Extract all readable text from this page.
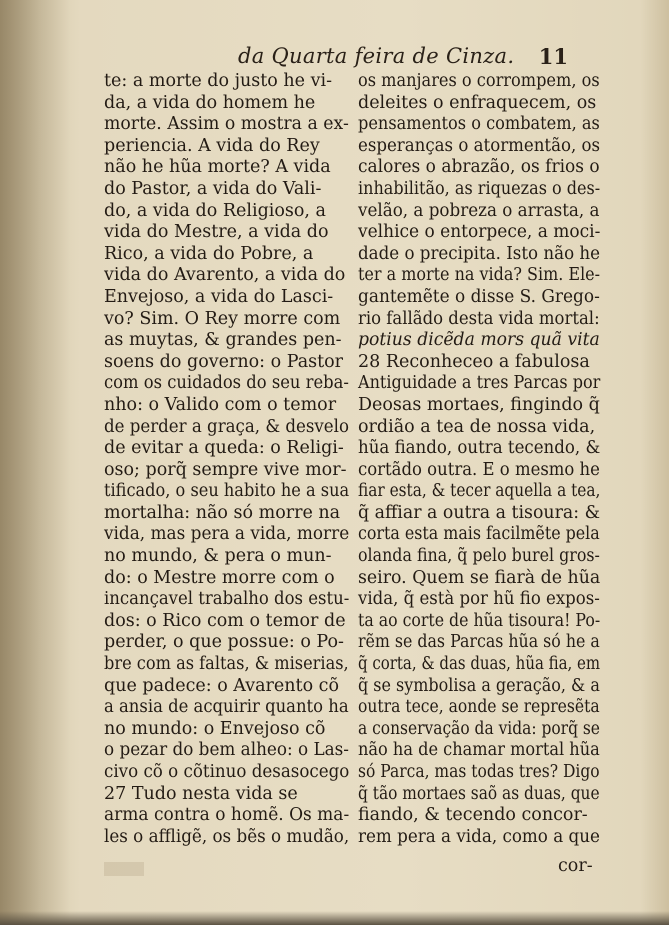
da Quarta feira de Cinza. 11
te: a morte do justo he vi-
da, a vida do homem he
morte. Assim o mostra a ex-
periencia. A vida do Rey
não he hũa morte? A vida
do Pastor, a vida do Vali-
do, a vida do Religioso, a
vida do Mestre, a vida do
Rico, a vida do Pobre, a
vida do Avarento, a vida do
Envejoso, a vida do Lasci-
vo? Sim. O Rey morre com
as muytas, & grandes pen-
soens do governo: o Pastor
com os cuidados do seu reba-
nho: o Valido com o temor
de perder a graça, & desvelo
de evitar a queda: o Religi-
oso; porq̃ sempre vive mor-
tificado, o seu habito he a sua
mortalha: não só morre na
vida, mas pera a vida, morre
no mundo, & pera o mun-
do: o Mestre morre com o
incançavel trabalho dos estu-
dos: o Rico com o temor de
perder, o que possue: o Po-
bre com as faltas, & miserias,
que padece: o Avarento cõ
a ansia de acquirir quanto ha
no mundo: o Envejoso cõ
o pezar do bem alheo: o Las-
civo cõ o cõtinuo desasocego
27 Tudo nesta vida se
arma contra o homẽ. Os ma-
les o affligẽ, os bẽs o mudão,
os manjares o corrompem, os
deleites o enfraquecem, os
pensamentos o combatem, as
esperanças o atormentão, os
calores o abrazão, os frios o
inhabilitão, as riquezas o des-
velão, a pobreza o arrasta, a
velhice o entorpece, a moci-
dade o precipita. Isto não he
ter a morte na vida? Sim. Ele-
gantemẽte o disse S. Grego-
rio fallãdo desta vida mortal:
potius dicẽda mors quã vita
28 Reconheceo a fabulosa
Antiguidade a tres Parcas por
Deosas mortaes, fingindo q̃
ordião a tea de nossa vida,
hũa fiando, outra tecendo, &
cortãdo outra. E o mesmo he
fiar esta, & tecer aquella a tea,
q̃ affiar a outra a tisoura: &
corta esta mais facilmẽte pela
olanda fina, q̃ pelo burel gros-
seiro. Quem se fiarà de hũa
vida, q̃ està por hũ fio expos-
ta ao corte de hũa tisoura! Po-
rẽm se das Parcas hũa só he a
q̃ corta, & das duas, hũa fia, em
q̃ se symbolisa a geração, & a
outra tece, aonde se represẽta
a conservação da vida: porq̃ se
não ha de chamar mortal hũa
só Parca, mas todas tres? Digo
q̃ tão mortaes saõ as duas, que
fiando, & tecendo concor-
rem pera a vida, como a que
cor-
